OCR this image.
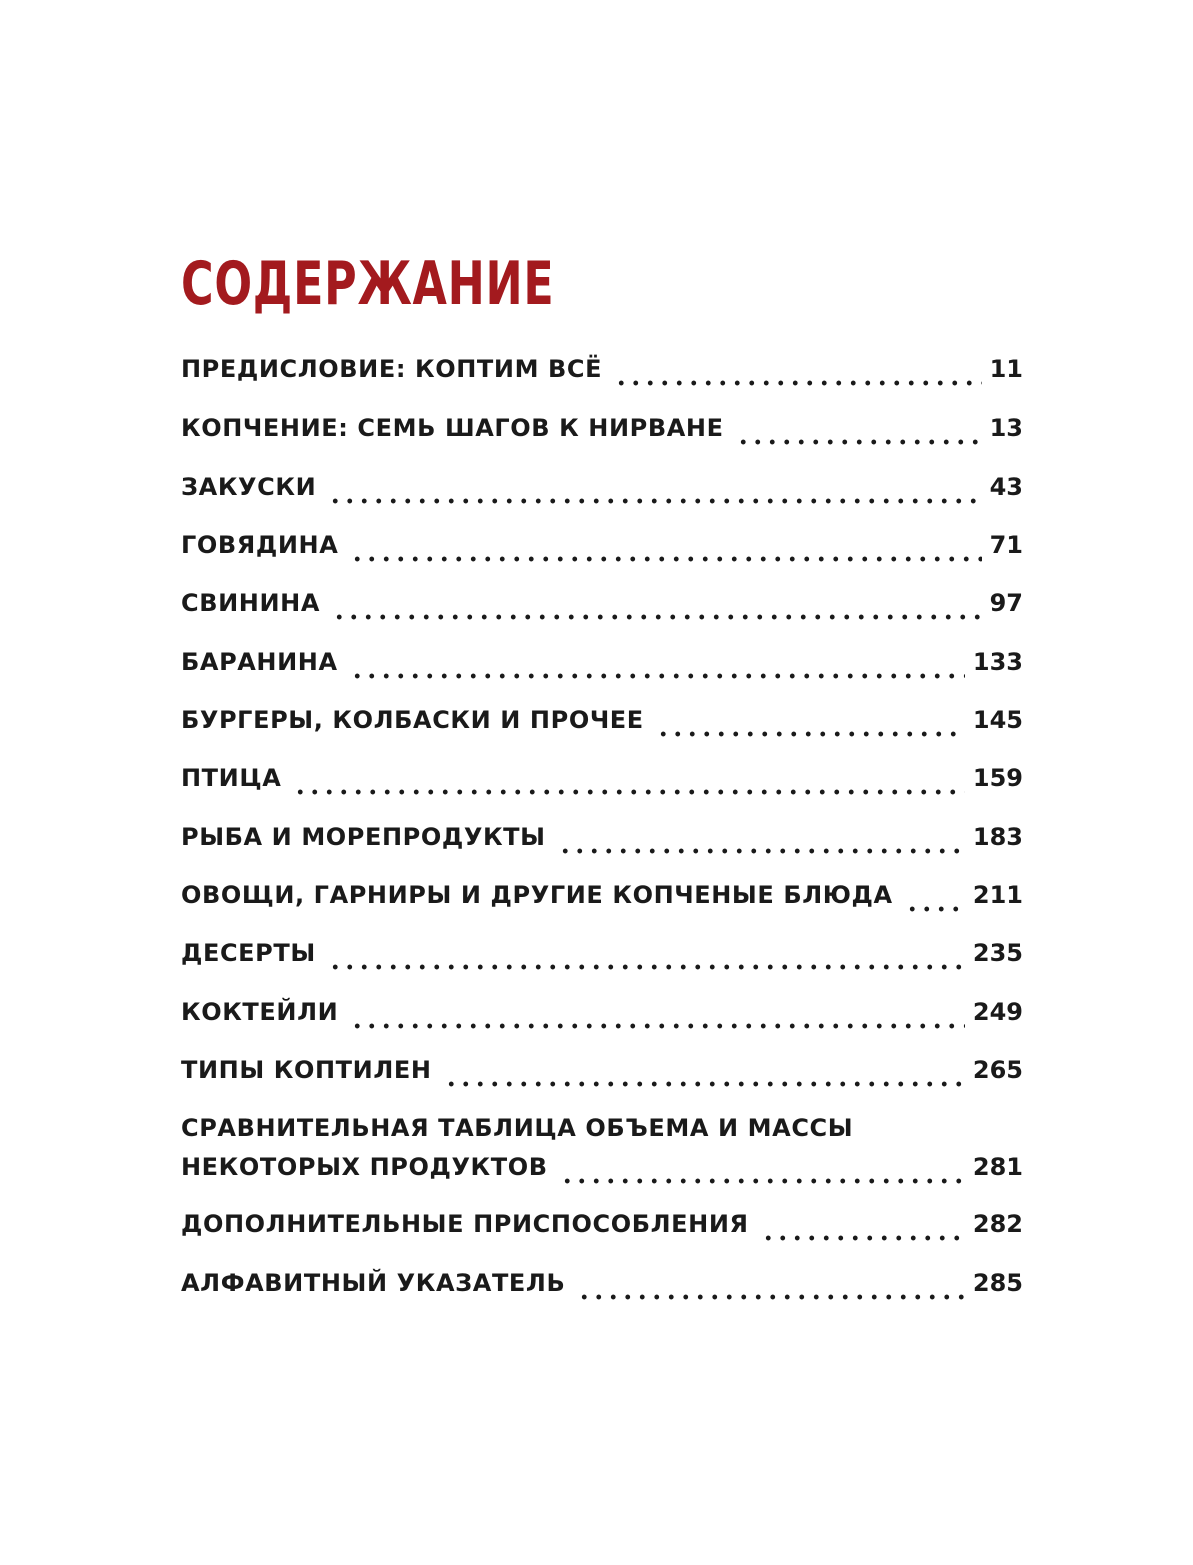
СОДЕРЖАНИЕ
ПРЕДИСЛОВИЕ: КОПТИМ ВСЁ	11
КОПЧЕНИЕ: СЕМЬ ШАГОВ К НИРВАНЕ	13
ЗАКУСКИ	43
ГОВЯДИНА	71
СВИНИНА	97
БАРАНИНА	133
БУРГЕРЫ, КОЛБАСКИ И ПРОЧЕЕ	145
ПТИЦА	159
РЫБА И МОРЕПРОДУКТЫ	183
ОВОЩИ, ГАРНИРЫ И ДРУГИЕ КОПЧЕНЫЕ БЛЮДА	211
ДЕСЕРТЫ	235
КОКТЕЙЛИ	249
ТИПЫ КОПТИЛЕН	265
СРАВНИТЕЛЬНАЯ ТАБЛИЦА ОБЪЕМА И МАССЫ
НЕКОТОРЫХ ПРОДУКТОВ	281
ДОПОЛНИТЕЛЬНЫЕ ПРИСПОСОБЛЕНИЯ	282
АЛФАВИТНЫЙ УКАЗАТЕЛЬ	285
